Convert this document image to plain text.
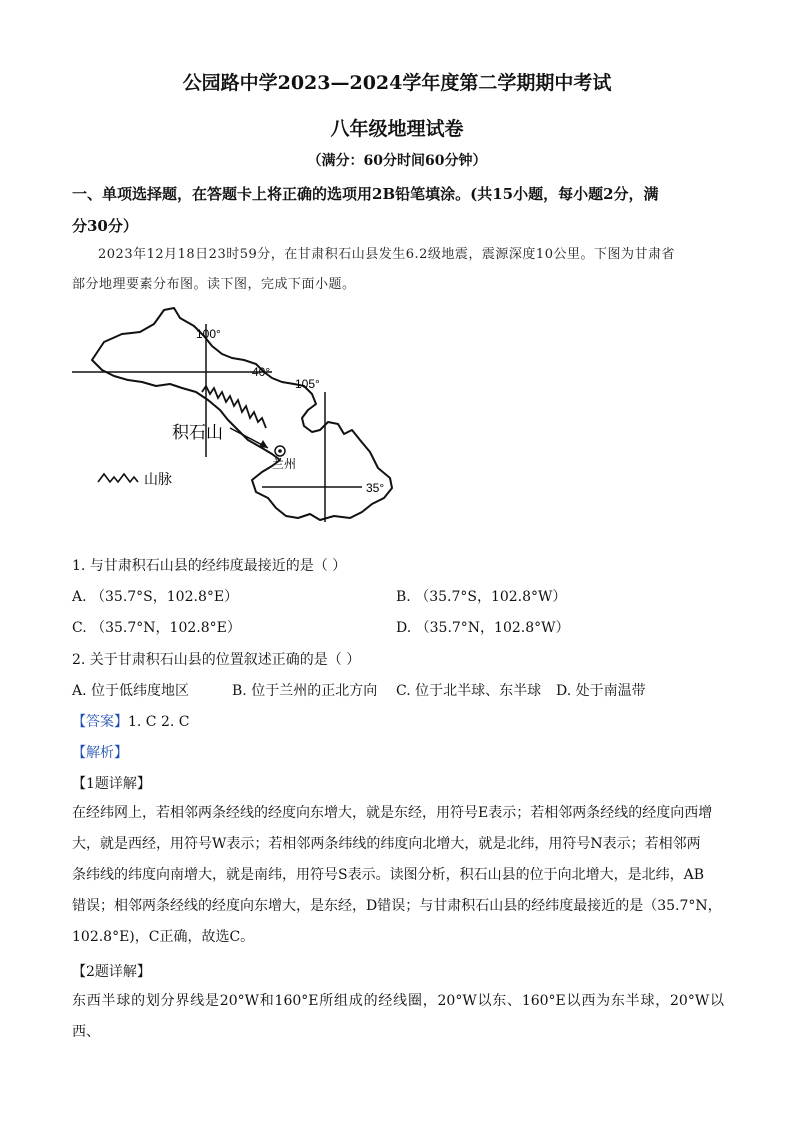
公园路中学2023—2024学年度第二学期期中考试
八年级地理试卷
（满分：60分时间60分钟）
一、单项选择题，在答题卡上将正确的选项用2B铅笔填涂。(共15小题，每小题2分，满
分30分）
2023年12月18日23时59分，在甘肃积石山县发生6.2级地震，震源深度10公里。下图为甘肃省
部分地理要素分布图。读下图，完成下面小题。
100°
40°
105°
35°
积石山
兰州
山脉
1. 与甘肃积石山县的经纬度最接近的是（ ）
A. （35.7°S，102.8°E）	B. （35.7°S，102.8°W）
C. （35.7°N，102.8°E）	D. （35.7°N，102.8°W）
2. 关于甘肃积石山县的位置叙述正确的是（ ）
A. 位于低纬度地区	B. 位于兰州的正北方向 C. 位于北半球、东半球 D. 处于南温带
【答案】1. C 2. C
【解析】
【1题详解】
在经纬网上，若相邻两条经线的经度向东增大，就是东经，用符号E表示；若相邻两条经线的经度向西增
大，就是西经，用符号W表示；若相邻两条纬线的纬度向北增大，就是北纬，用符号N表示；若相邻两
条纬线的纬度向南增大，就是南纬，用符号S表示。读图分析，积石山县的位于向北增大，是北纬，AB
错误；相邻两条经线的经度向东增大，是东经，D错误；与甘肃积石山县的经纬度最接近的是（35.7°N，
102.8°E)，C正确，故选C。
【2题详解】
东西半球的划分界线是20°W和160°E所组成的经线圈，20°W以东、160°E以西为东半球，20°W以西、
